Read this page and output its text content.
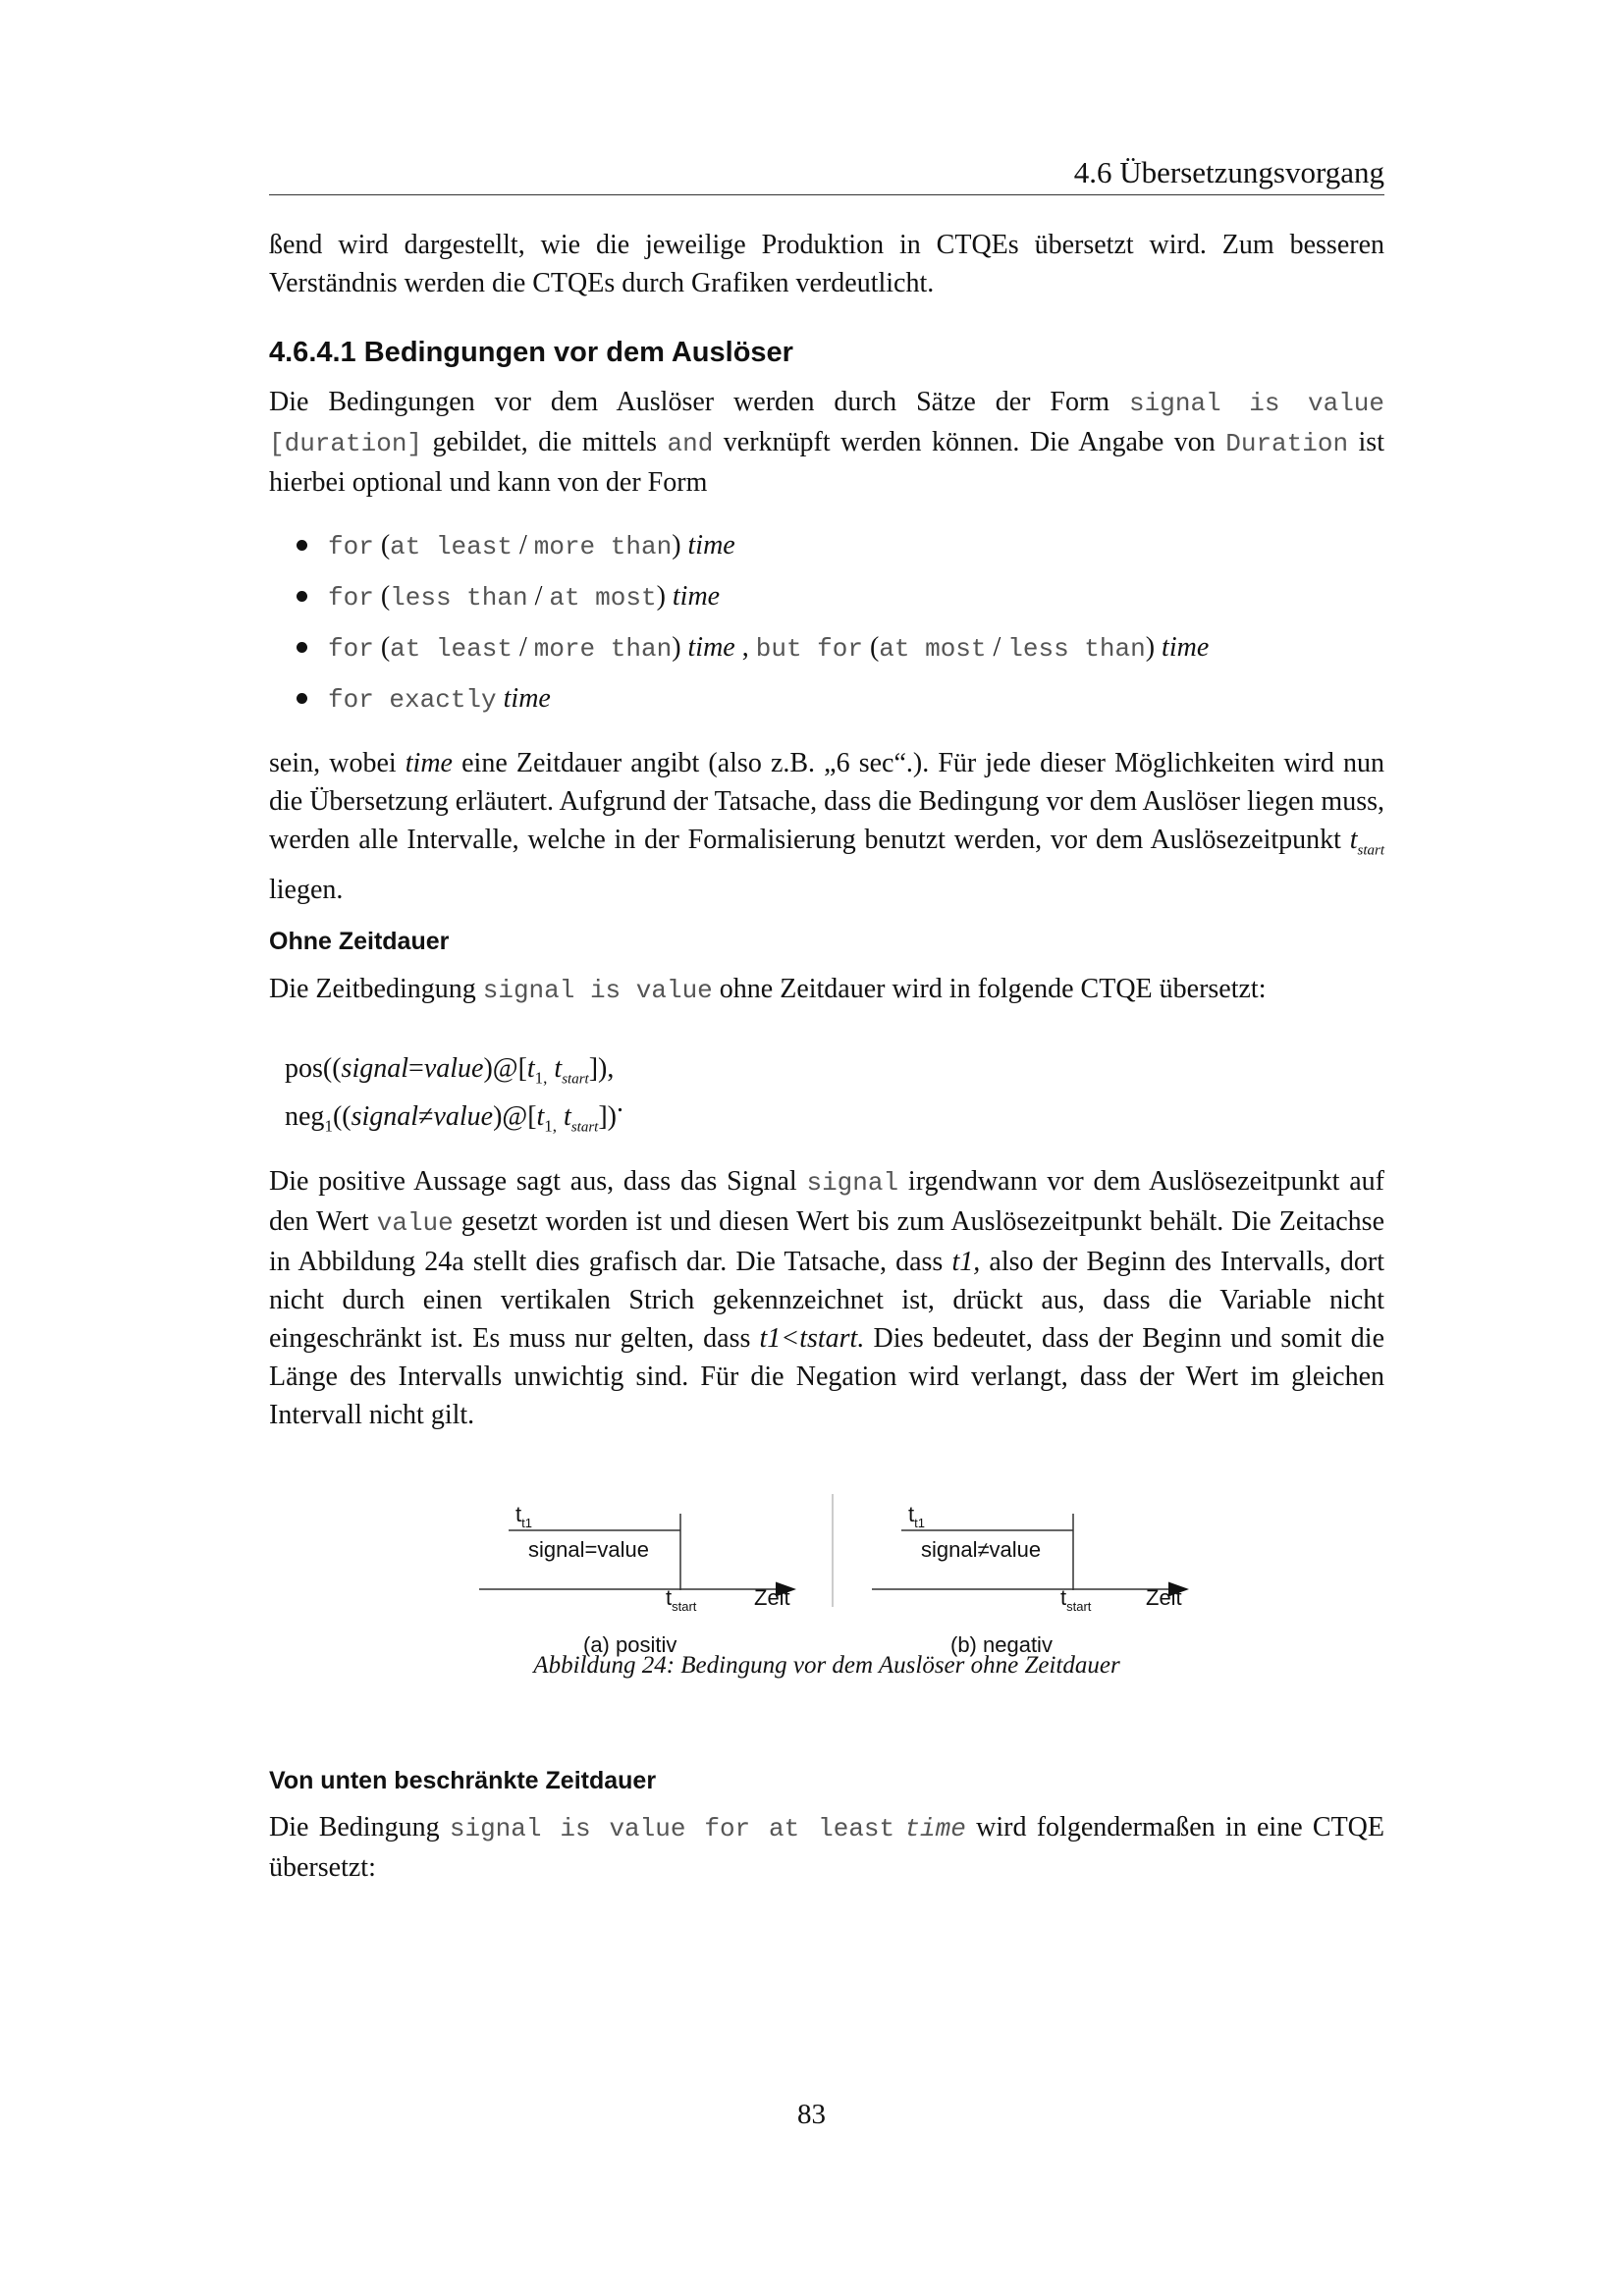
4.6 Übersetzungsvorgang

ßend wird dargestellt, wie die jeweilige Produktion in CTQEs übersetzt wird. Zum besseren Verständnis werden die CTQEs durch Grafiken verdeutlicht.

4.6.4.1 Bedingungen vor dem Auslöser

Die Bedingungen vor dem Auslöser werden durch Sätze der Form signal is value [duration] gebildet, die mittels and verknüpft werden können. Die Angabe von Duration ist hierbei optional und kann von der Form

for (at least / more than) time
for (less than / at most) time
for (at least / more than) time , but for (at most / less than) time
for exactly time

sein, wobei time eine Zeitdauer angibt (also z.B. „6 sec“.). Für jede dieser Möglichkeiten wird nun die Übersetzung erläutert. Aufgrund der Tatsache, dass die Bedingung vor dem Auslöser liegen muss, werden alle Intervalle, welche in der Formalisierung benutzt werden, vor dem Auslösezeitpunkt $t_{start}$ liegen.

Ohne Zeitdauer

Die Zeitbedingung signal is value ohne Zeitdauer wird in folgende CTQE übersetzt:

$pos((signal=value)@[t_{1,}$ $t_{start}$]),
$neg_1((signal\ne value)@[t_{1,}$ $t_{start}$]).

Die positive Aussage sagt aus, dass das Signal signal irgendwann vor dem Auslösezeitpunkt auf den Wert value gesetzt worden ist und diesen Wert bis zum Auslösezeitpunkt behält. Die Zeitachse in Abbildung 24a stellt dies grafisch dar. Die Tatsache, dass t1, also der Beginn des Intervalls, dort nicht durch einen vertikalen Strich gekennzeichnet ist, drückt aus, dass die Variable nicht eingeschränkt ist. Es muss nur gelten, dass t1<tstart. Dies bedeutet, dass der Beginn und somit die Länge des Intervalls unwichtig sind. Für die Negation wird verlangt, dass der Wert im gleichen Intervall nicht gilt.

$t_{t1}$
signal=value
$t_{start}$	Zeit
(a) positiv
$t_{t1}$
signal≠value
$t_{start}$	Zeit
(b) negativ
Abbildung 24: Bedingung vor dem Auslöser ohne Zeitdauer
Von unten beschränkte Zeitdauer

Die Bedingung signal is value for at least time wird folgendermaßen in eine CTQE übersetzt:

83
